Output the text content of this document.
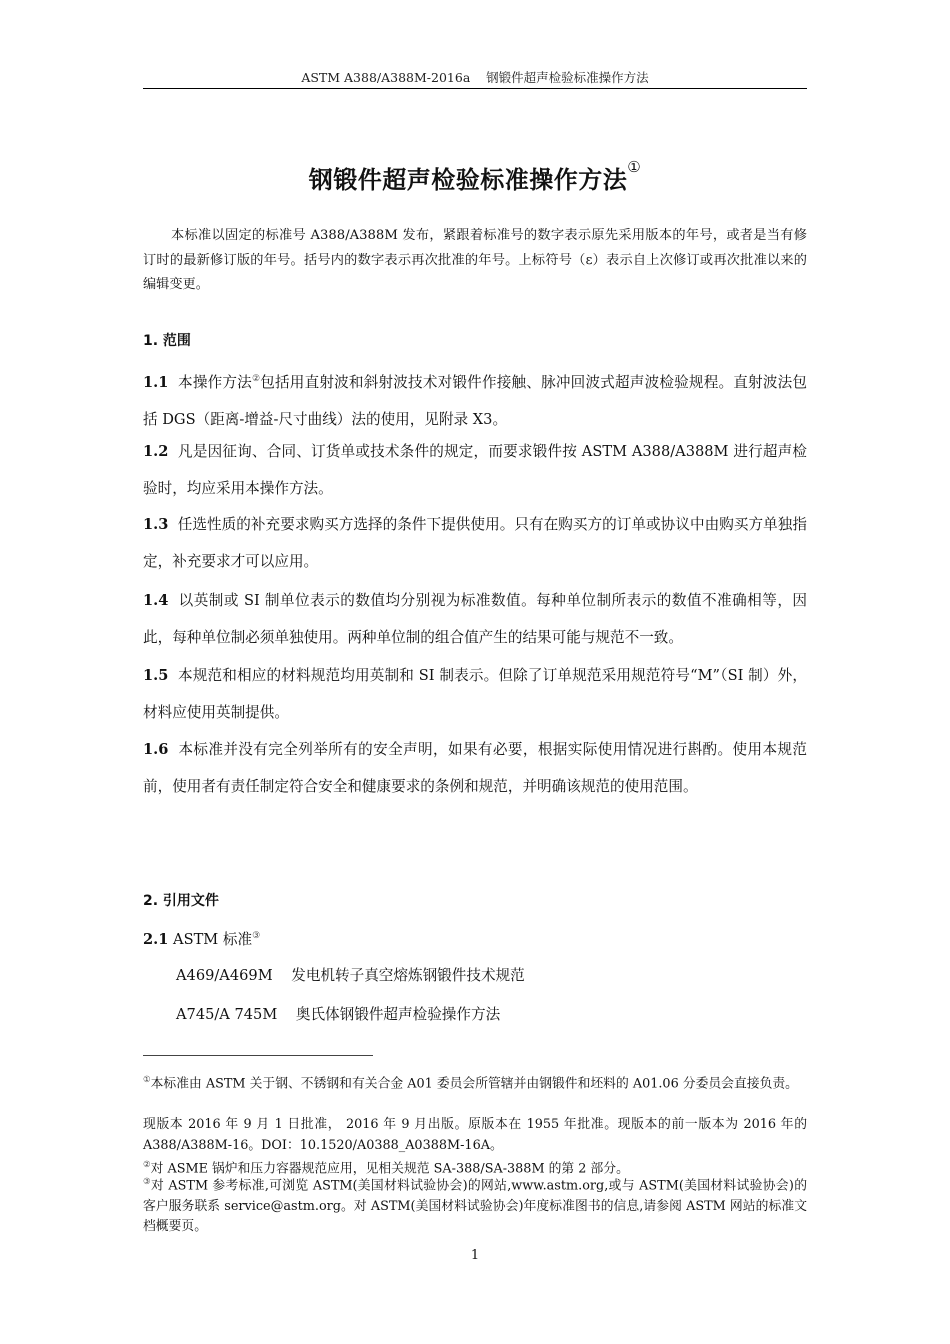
ASTM A388/A388M-2016a    钢锻件超声检验标准操作方法
钢锻件超声检验标准操作方法①
本标准以固定的标准号 A388/A388M 发布，紧跟着标准号的数字表示原先采用版本的年号，或者是当有修订时的最新修订版的年号。括号内的数字表示再次批准的年号。上标符号（ε）表示自上次修订或再次批准以来的编辑变更。
1. 范围
1.1 本操作方法②包括用直射波和斜射波技术对锻件作接触、脉冲回波式超声波检验规程。直射波法包括 DGS（距离-增益-尺寸曲线）法的使用，见附录 X3。
1.2 凡是因征询、合同、订货单或技术条件的规定，而要求锻件按 ASTM A388/A388M 进行超声检验时，均应采用本操作方法。
1.3 任选性质的补充要求购买方选择的条件下提供使用。只有在购买方的订单或协议中由购买方单独指定，补充要求才可以应用。
1.4 以英制或 SI 制单位表示的数值均分别视为标准数值。每种单位制所表示的数值不准确相等，因此，每种单位制必须单独使用。两种单位制的组合值产生的结果可能与规范不一致。
1.5 本规范和相应的材料规范均用英制和 SI 制表示。但除了订单规范采用规范符号“M”（SI 制）外，材料应使用英制提供。
1.6 本标准并没有完全列举所有的安全声明，如果有必要，根据实际使用情况进行斟酌。使用本规范前，使用者有责任制定符合安全和健康要求的条例和规范，并明确该规范的使用范围。
2. 引用文件
2.1 ASTM 标准③
A469/A469M 发电机转子真空熔炼钢锻件技术规范
A745/A 745M 奥氏体钢锻件超声检验操作方法
①本标准由 ASTM 关于钢、不锈钢和有关合金 A01 委员会所管辖并由钢锻件和坯料的 A01.06 分委员会直接负责。
现版本 2016 年 9 月 1 日批准， 2016 年 9 月出版。原版本在 1955 年批准。现版本的前一版本为 2016 年的 A388/A388M-16。DOI：10.1520/A0388_A0388M-16A。
②对 ASME 锅炉和压力容器规范应用，见相关规范 SA-388/SA-388M 的第 2 部分。
③对 ASTM 参考标准,可浏览 ASTM(美国材料试验协会)的网站,www.astm.org,或与 ASTM(美国材料试验协会)的客户服务联系 service@astm.org。对 ASTM(美国材料试验协会)年度标准图书的信息,请参阅 ASTM 网站的标准文档概要页。
1
